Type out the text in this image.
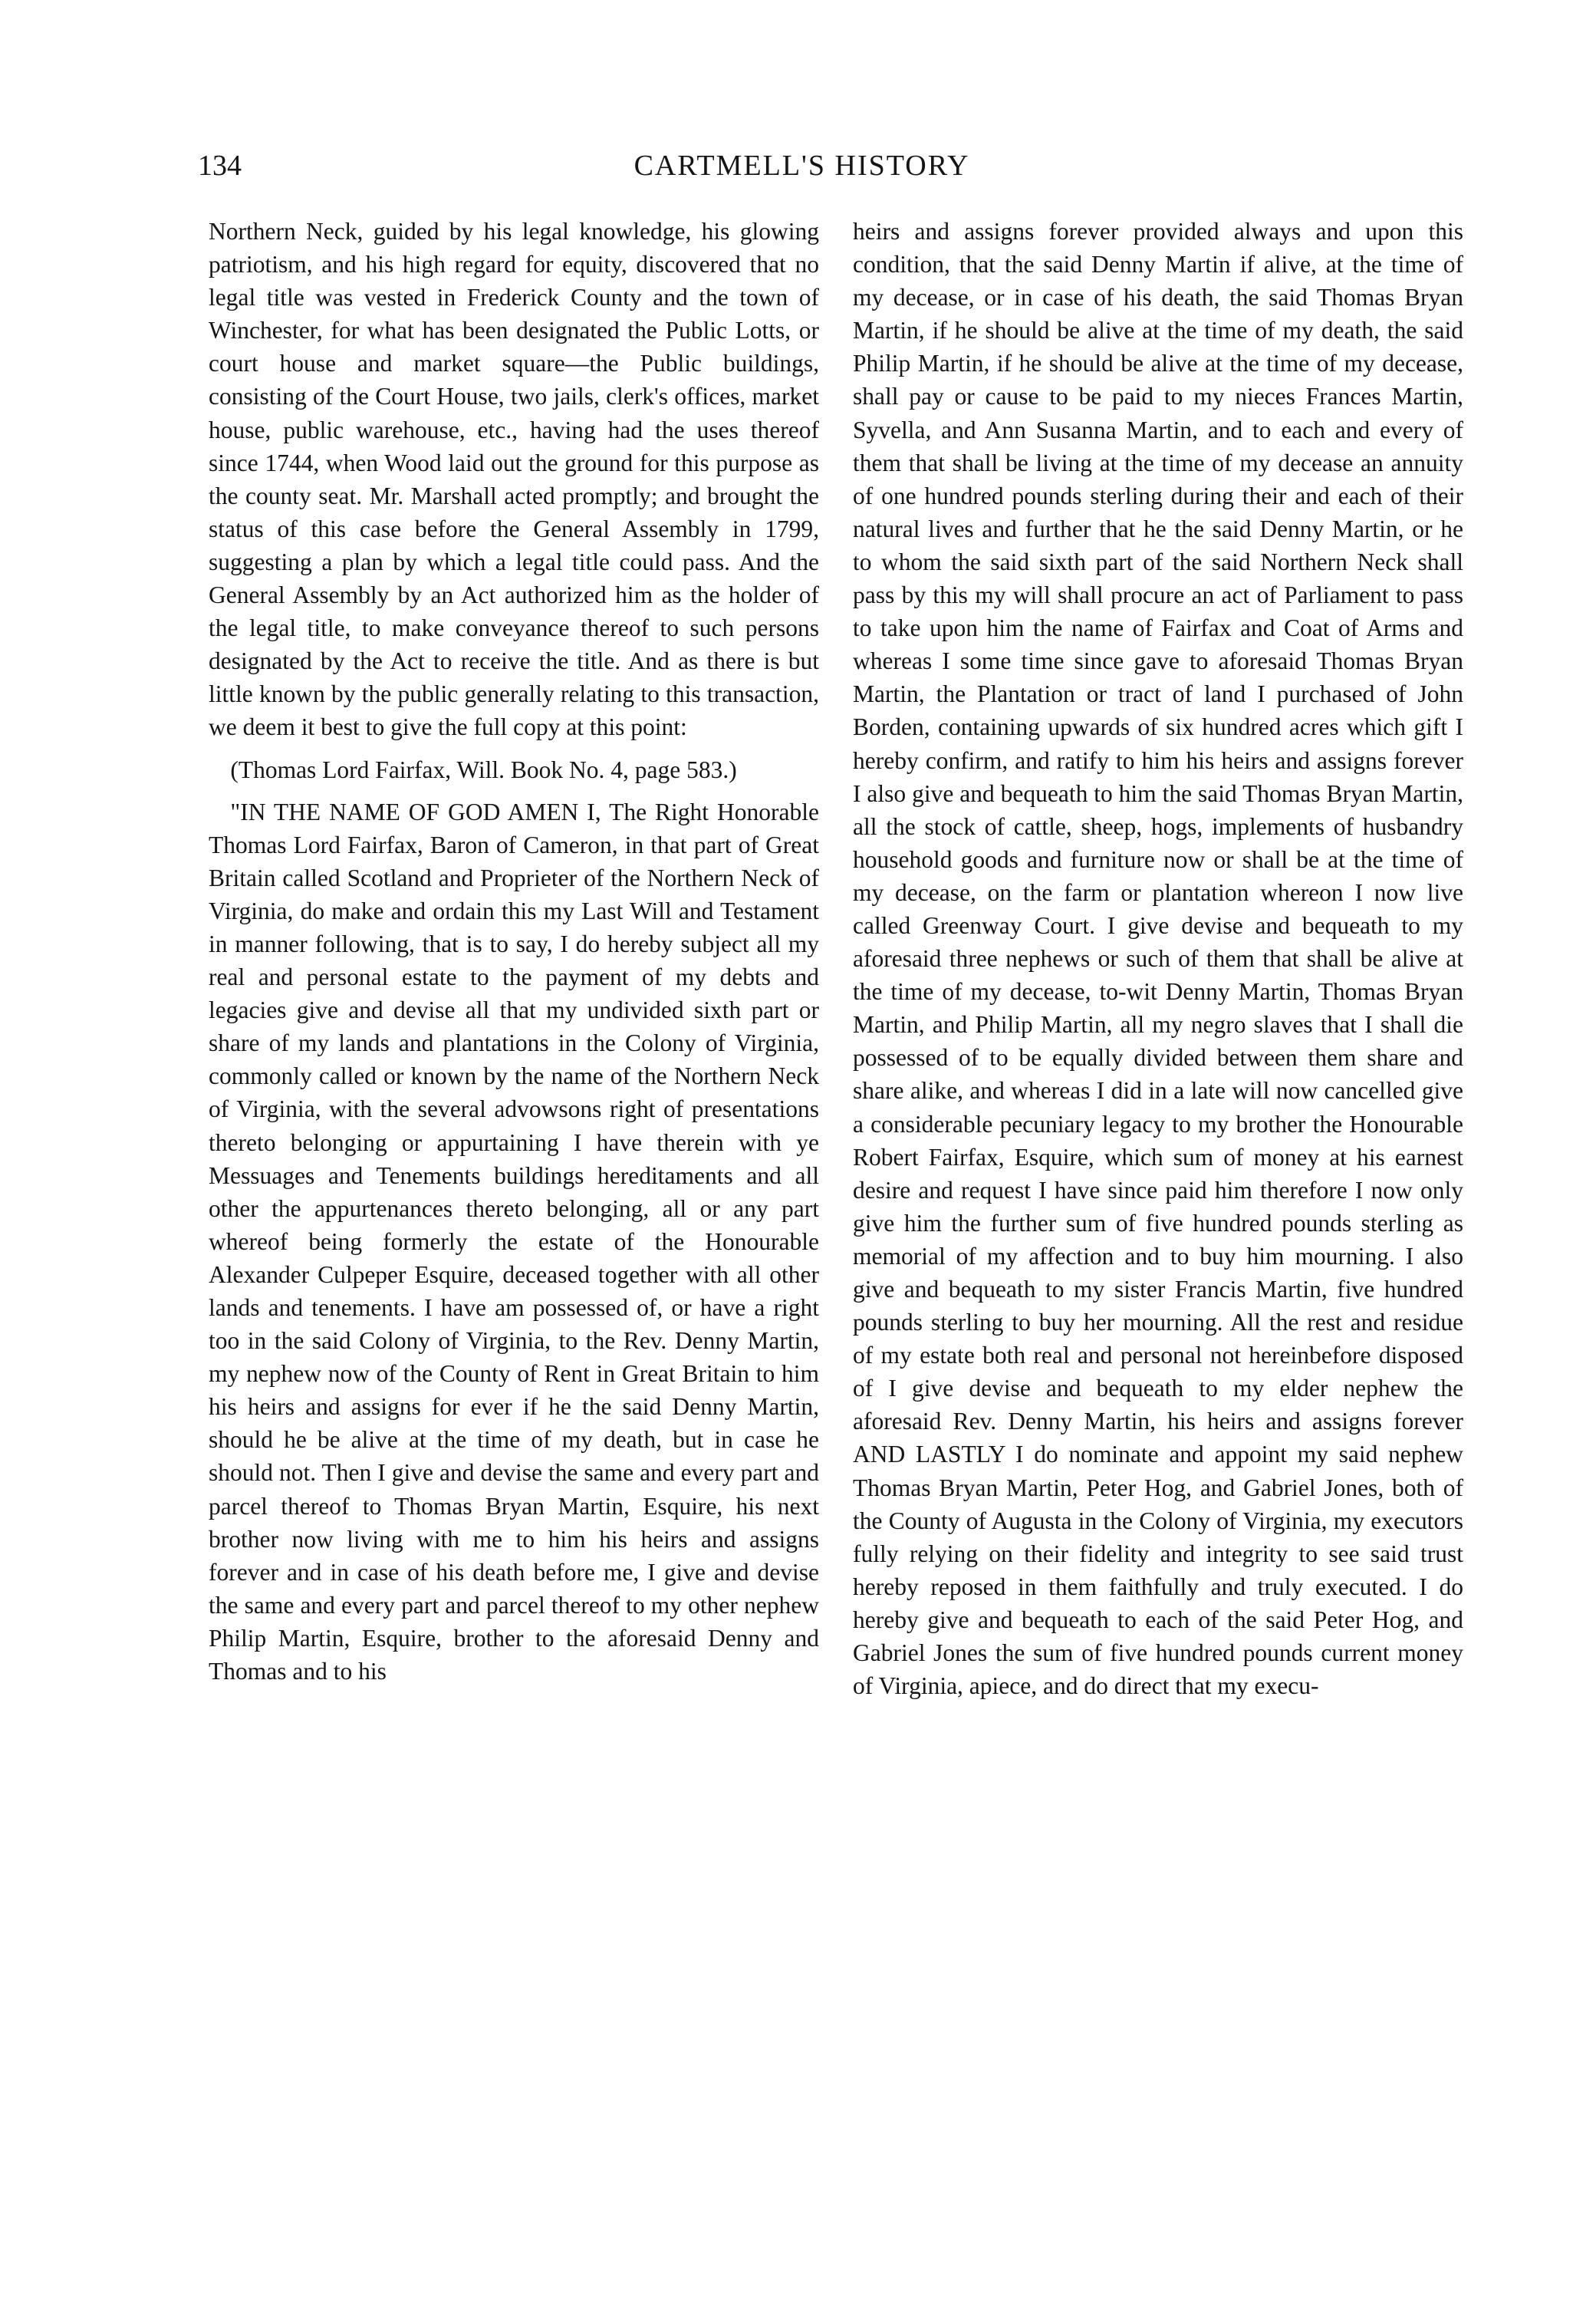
134	CARTMELL'S HISTORY

Northern Neck, guided by his legal knowledge, his glowing patriotism, and his high regard for equity, discovered that no legal title was vested in Frederick County and the town of Winchester, for what has been designated the Public Lotts, or court house and market square—the Public buildings, consisting of the Court House, two jails, clerk's offices, market house, public warehouse, etc., having had the uses thereof since 1744, when Wood laid out the ground for this purpose as the county seat. Mr. Marshall acted promptly; and brought the status of this case before the General Assembly in 1799, suggesting a plan by which a legal title could pass. And the General Assembly by an Act authorized him as the holder of the legal title, to make conveyance thereof to such persons designated by the Act to receive the title. And as there is but little known by the public generally relating to this transaction, we deem it best to give the full copy at this point:

(Thomas Lord Fairfax, Will. Book No. 4, page 583.)

"IN THE NAME OF GOD AMEN I, The Right Honorable Thomas Lord Fairfax, Baron of Cameron, in that part of Great Britain called Scotland and Proprieter of the Northern Neck of Virginia, do make and ordain this my Last Will and Testament in manner following, that is to say, I do hereby subject all my real and personal estate to the payment of my debts and legacies give and devise all that my undivided sixth part or share of my lands and plantations in the Colony of Virginia, commonly called or known by the name of the Northern Neck of Virginia, with the several advowsons right of presentations thereto belonging or appurtaining I have therein with ye Messuages and Tenements buildings hereditaments and all other the appurtenances thereto belonging, all or any part whereof being formerly the estate of the Honourable Alexander Culpeper Esquire, deceased together with all other lands and tenements. I have am possessed of, or have a right too in the said Colony of Virginia, to the Rev. Denny Martin, my nephew now of the County of Rent in Great Britain to him his heirs and assigns for ever if he the said Denny Martin, should he be alive at the time of my death, but in case he should not. Then I give and devise the same and every part and parcel thereof to Thomas Bryan Martin, Esquire, his next brother now living with me to him his heirs and assigns forever and in case of his death before me, I give and devise the same and every part and parcel thereof to my other nephew Philip Martin, Esquire, brother to the aforesaid Denny and Thomas and to his

heirs and assigns forever provided always and upon this condition, that the said Denny Martin if alive, at the time of my decease, or in case of his death, the said Thomas Bryan Martin, if he should be alive at the time of my death, the said Philip Martin, if he should be alive at the time of my decease, shall pay or cause to be paid to my nieces Frances Martin, Syvella, and Ann Susanna Martin, and to each and every of them that shall be living at the time of my decease an annuity of one hundred pounds sterling during their and each of their natural lives and further that he the said Denny Martin, or he to whom the said sixth part of the said Northern Neck shall pass by this my will shall procure an act of Parliament to pass to take upon him the name of Fairfax and Coat of Arms and whereas I some time since gave to aforesaid Thomas Bryan Martin, the Plantation or tract of land I purchased of John Borden, containing upwards of six hundred acres which gift I hereby confirm, and ratify to him his heirs and assigns forever I also give and bequeath to him the said Thomas Bryan Martin, all the stock of cattle, sheep, hogs, implements of husbandry household goods and furniture now or shall be at the time of my decease, on the farm or plantation whereon I now live called Greenway Court. I give devise and bequeath to my aforesaid three nephews or such of them that shall be alive at the time of my decease, to-wit Denny Martin, Thomas Bryan Martin, and Philip Martin, all my negro slaves that I shall die possessed of to be equally divided between them share and share alike, and whereas I did in a late will now cancelled give a considerable pecuniary legacy to my brother the Honourable Robert Fairfax, Esquire, which sum of money at his earnest desire and request I have since paid him therefore I now only give him the further sum of five hundred pounds sterling as memorial of my affection and to buy him mourning. I also give and bequeath to my sister Francis Martin, five hundred pounds sterling to buy her mourning. All the rest and residue of my estate both real and personal not hereinbefore disposed of I give devise and bequeath to my elder nephew the aforesaid Rev. Denny Martin, his heirs and assigns forever AND LASTLY I do nominate and appoint my said nephew Thomas Bryan Martin, Peter Hog, and Gabriel Jones, both of the County of Augusta in the Colony of Virginia, my executors fully relying on their fidelity and integrity to see said trust hereby reposed in them faithfully and truly executed. I do hereby give and bequeath to each of the said Peter Hog, and Gabriel Jones the sum of five hundred pounds current money of Virginia, apiece, and do direct that my execu-
